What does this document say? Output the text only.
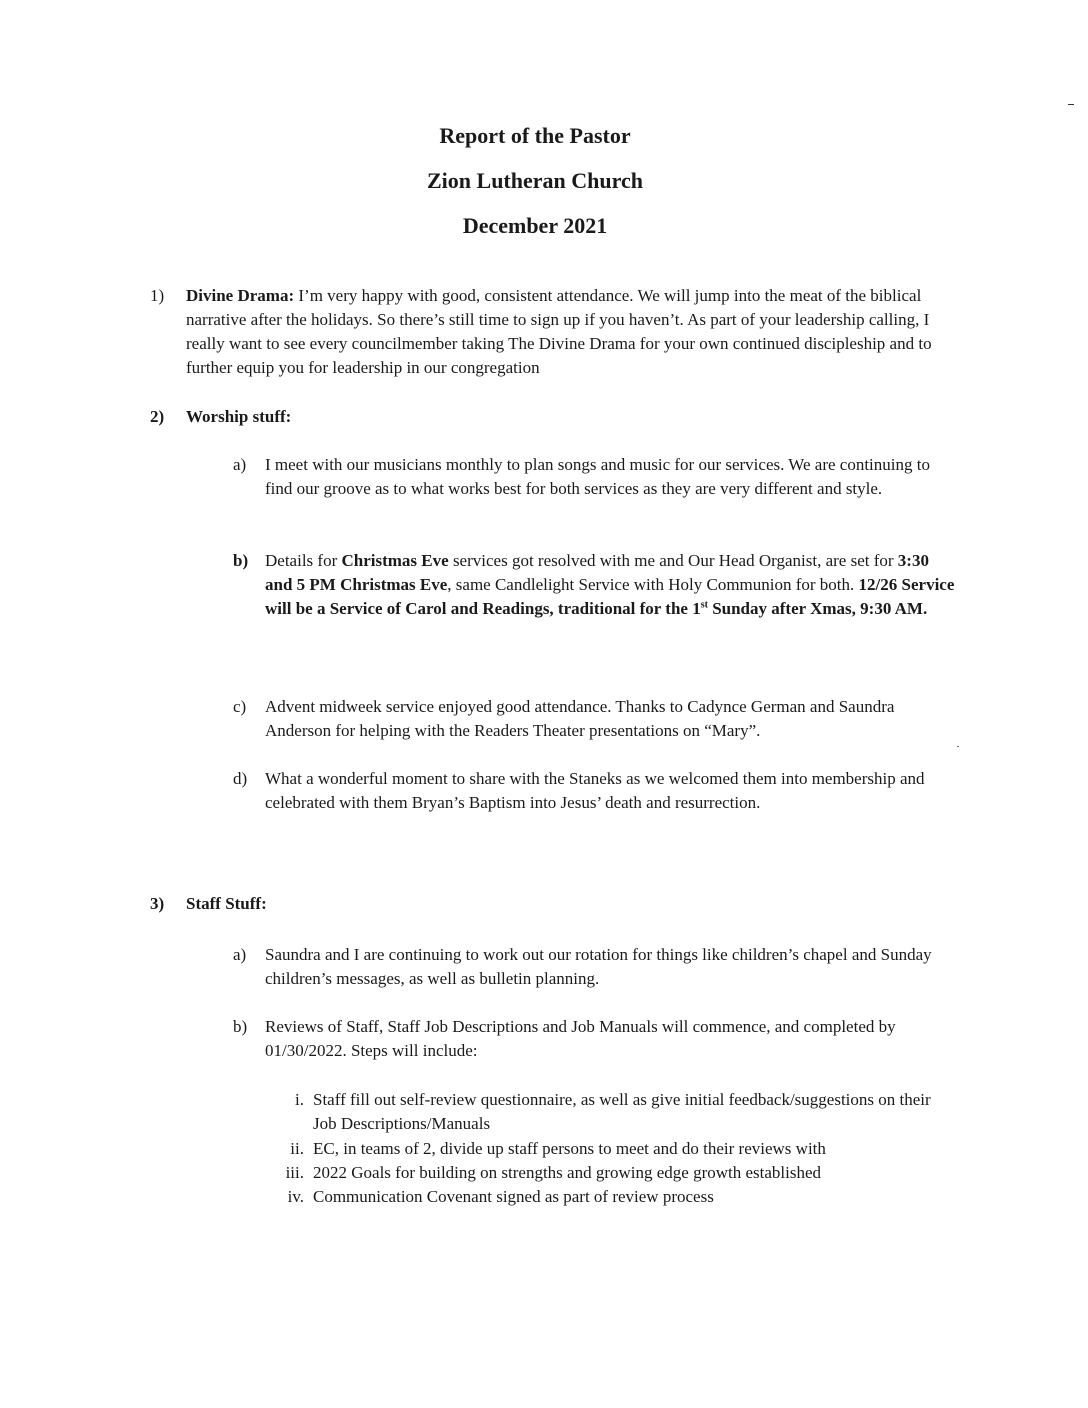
Report of the Pastor
Zion Lutheran Church
December 2021
1)	Divine Drama: I’m very happy with good, consistent attendance. We will jump into the meat of the biblical narrative after the holidays. So there’s still time to sign up if you haven’t. As part of your leadership calling, I really want to see every councilmember taking The Divine Drama for your own continued discipleship and to further equip you for leadership in our congregation
2)	Worship stuff:
a)	I meet with our musicians monthly to plan songs and music for our services. We are continuing to find our groove as to what works best for both services as they are very different and style.
b) Details for Christmas Eve services got resolved with me and Our Head Organist, are set for 3:30 and 5 PM Christmas Eve, same Candlelight Service with Holy Communion for both. 12/26 Service will be a Service of Carol and Readings, traditional for the 1st Sunday after Xmas, 9:30 AM.
c)	Advent midweek service enjoyed good attendance. Thanks to Cadynce German and Saundra Anderson for helping with the Readers Theater presentations on “Mary”.
d)	What a wonderful moment to share with the Staneks as we welcomed them into membership and celebrated with them Bryan’s Baptism into Jesus’ death and resurrection.
3)	Staff Stuff:
a)	Saundra and I are continuing to work out our rotation for things like children’s chapel and Sunday children’s messages, as well as bulletin planning.
b)	Reviews of Staff, Staff Job Descriptions and Job Manuals will commence, and completed by 01/30/2022. Steps will include:
i. Staff fill out self-review questionnaire, as well as give initial feedback/suggestions on their Job Descriptions/Manuals
ii. EC, in teams of 2, divide up staff persons to meet and do their reviews with
iii. 2022 Goals for building on strengths and growing edge growth established
iv. Communication Covenant signed as part of review process
